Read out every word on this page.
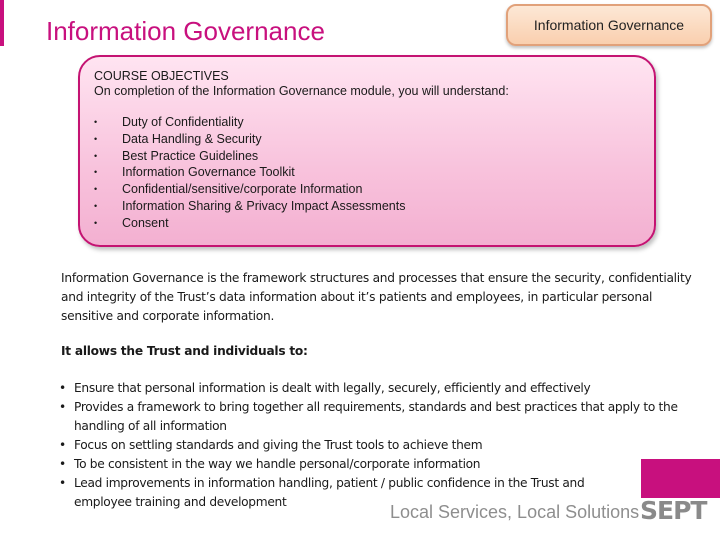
Information Governance	Information Governance
COURSE OBJECTIVES
On completion of the Information Governance module, you will understand:
•	Duty of Confidentiality
•	Data Handling & Security
•	Best Practice Guidelines
•	Information Governance Toolkit
•	Confidential/sensitive/corporate Information
•	Information Sharing & Privacy Impact Assessments
•	Consent

Information Governance is the framework structures and processes that ensure the security, confidentiality and integrity of the Trust’s data information about it’s patients and employees, in particular personal sensitive and corporate information.

It allows the Trust and individuals to:
• Ensure that personal information is dealt with legally, securely, efficiently and effectively
• Provides a framework to bring together all requirements, standards and best practices that apply to the handling of all information
• Focus on settling standards and giving the Trust tools to achieve them
• To be consistent in the way we handle personal/corporate information
• Lead improvements in information handling, patient / public confidence in the Trust and employee training and development	Local Services, Local Solutions SEPT
